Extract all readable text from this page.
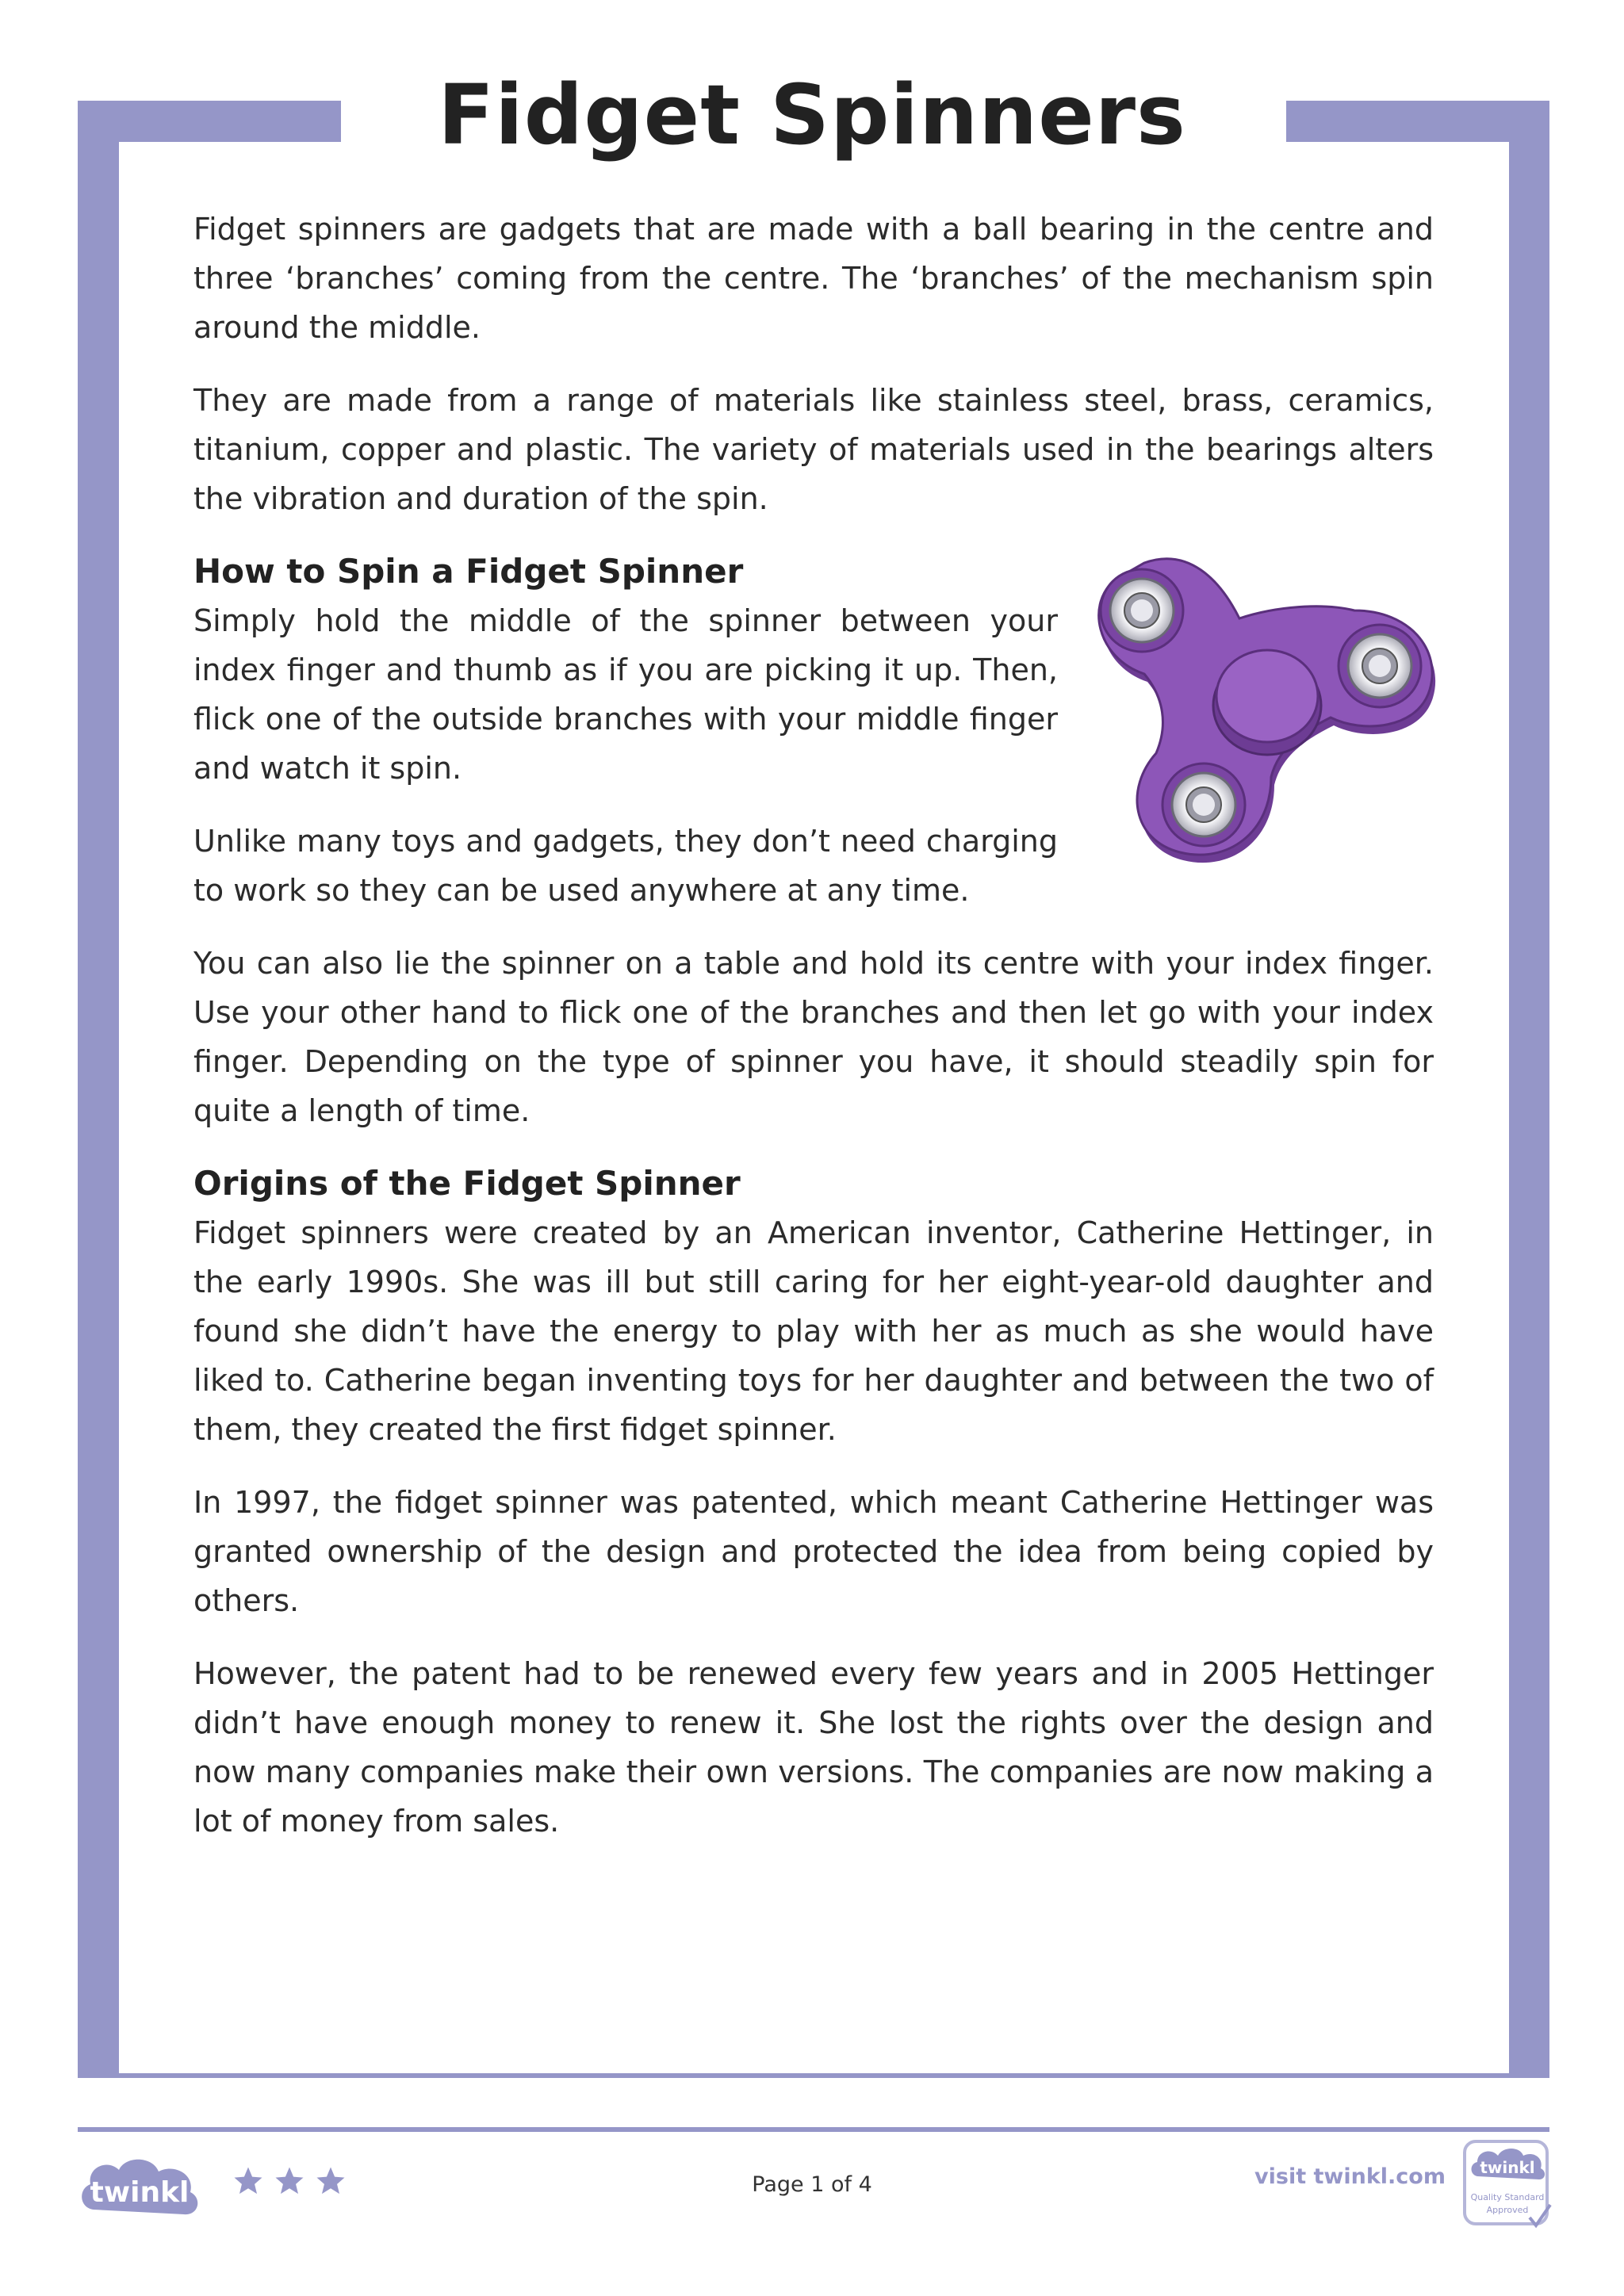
Fidget Spinners

Fidget spinners are gadgets that are made with a ball bearing in the centre and three ‘branches’ coming from the centre. The ‘branches’ of the mechanism spin around the middle.

They are made from a range of materials like stainless steel, brass, ceramics, titanium, copper and plastic. The variety of materials used in the bearings alters the vibration and duration of the spin.

How to Spin a Fidget Spinner

Simply hold the middle of the spinner between your index finger and thumb as if you are picking it up. Then, flick one of the outside branches with your middle finger and watch it spin.

Unlike many toys and gadgets, they don’t need charging to work so they can be used anywhere at any time.

You can also lie the spinner on a table and hold its centre with your index finger. Use your other hand to flick one of the branches and then let go with your index finger. Depending on the type of spinner you have, it should steadily spin for quite a length of time.

Origins of the Fidget Spinner

Fidget spinners were created by an American inventor, Catherine Hettinger, in the early 1990s. She was ill but still caring for her eight-year-old daughter and found she didn’t have the energy to play with her as much as she would have liked to. Catherine began inventing toys for her daughter and between the two of them, they created the first fidget spinner.

In 1997, the fidget spinner was patented, which meant Catherine Hettinger was granted ownership of the design and protected the idea from being copied by others.

However, the patent had to be renewed every few years and in 2005 Hettinger didn’t have enough money to renew it. She lost the rights over the design and now many companies make their own versions. The companies are now making a lot of money from sales.

twinkl	Page 1 of 4	visit twinkl.com twinkl
Quality Standard
Approved
